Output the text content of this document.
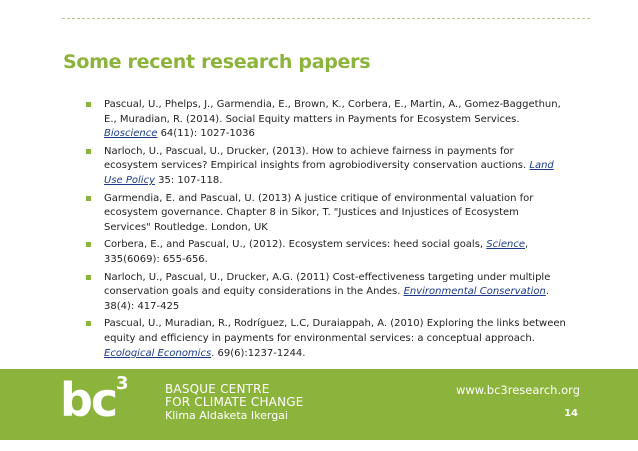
Some recent research papers
Pascual, U., Phelps, J., Garmendia, E., Brown, K., Corbera, E., Martin, A., Gomez-Baggethun, E., Muradian, R. (2014). Social Equity matters in Payments for Ecosystem Services. Bioscience 64(11): 1027-1036
Narloch, U., Pascual, U., Drucker, (2013). How to achieve fairness in payments for ecosystem services? Empirical insights from agrobiodiversity conservation auctions. Land Use Policy 35: 107-118.
Garmendia, E. and Pascual, U. (2013) A justice critique of environmental valuation for ecosystem governance. Chapter 8 in Sikor, T. "Justices and Injustices of Ecosystem Services" Routledge. London, UK
Corbera, E., and Pascual, U., (2012). Ecosystem services: heed social goals, Science, 335(6069): 655-656.
Narloch, U., Pascual, U., Drucker, A.G. (2011) Cost-effectiveness targeting under multiple conservation goals and equity considerations in the Andes. Environmental Conservation. 38(4): 417-425
Pascual, U., Muradian, R., Rodríguez, L.C, Duraiappah, A. (2010) Exploring the links between equity and efficiency in payments for environmental services: a conceptual approach. Ecological Economics. 69(6):1237-1244.
bc 3	BASQUE CENTRE
FOR CLIMATE CHANGE
Klima Aldaketa Ikergai
www.bc3research.org
14
